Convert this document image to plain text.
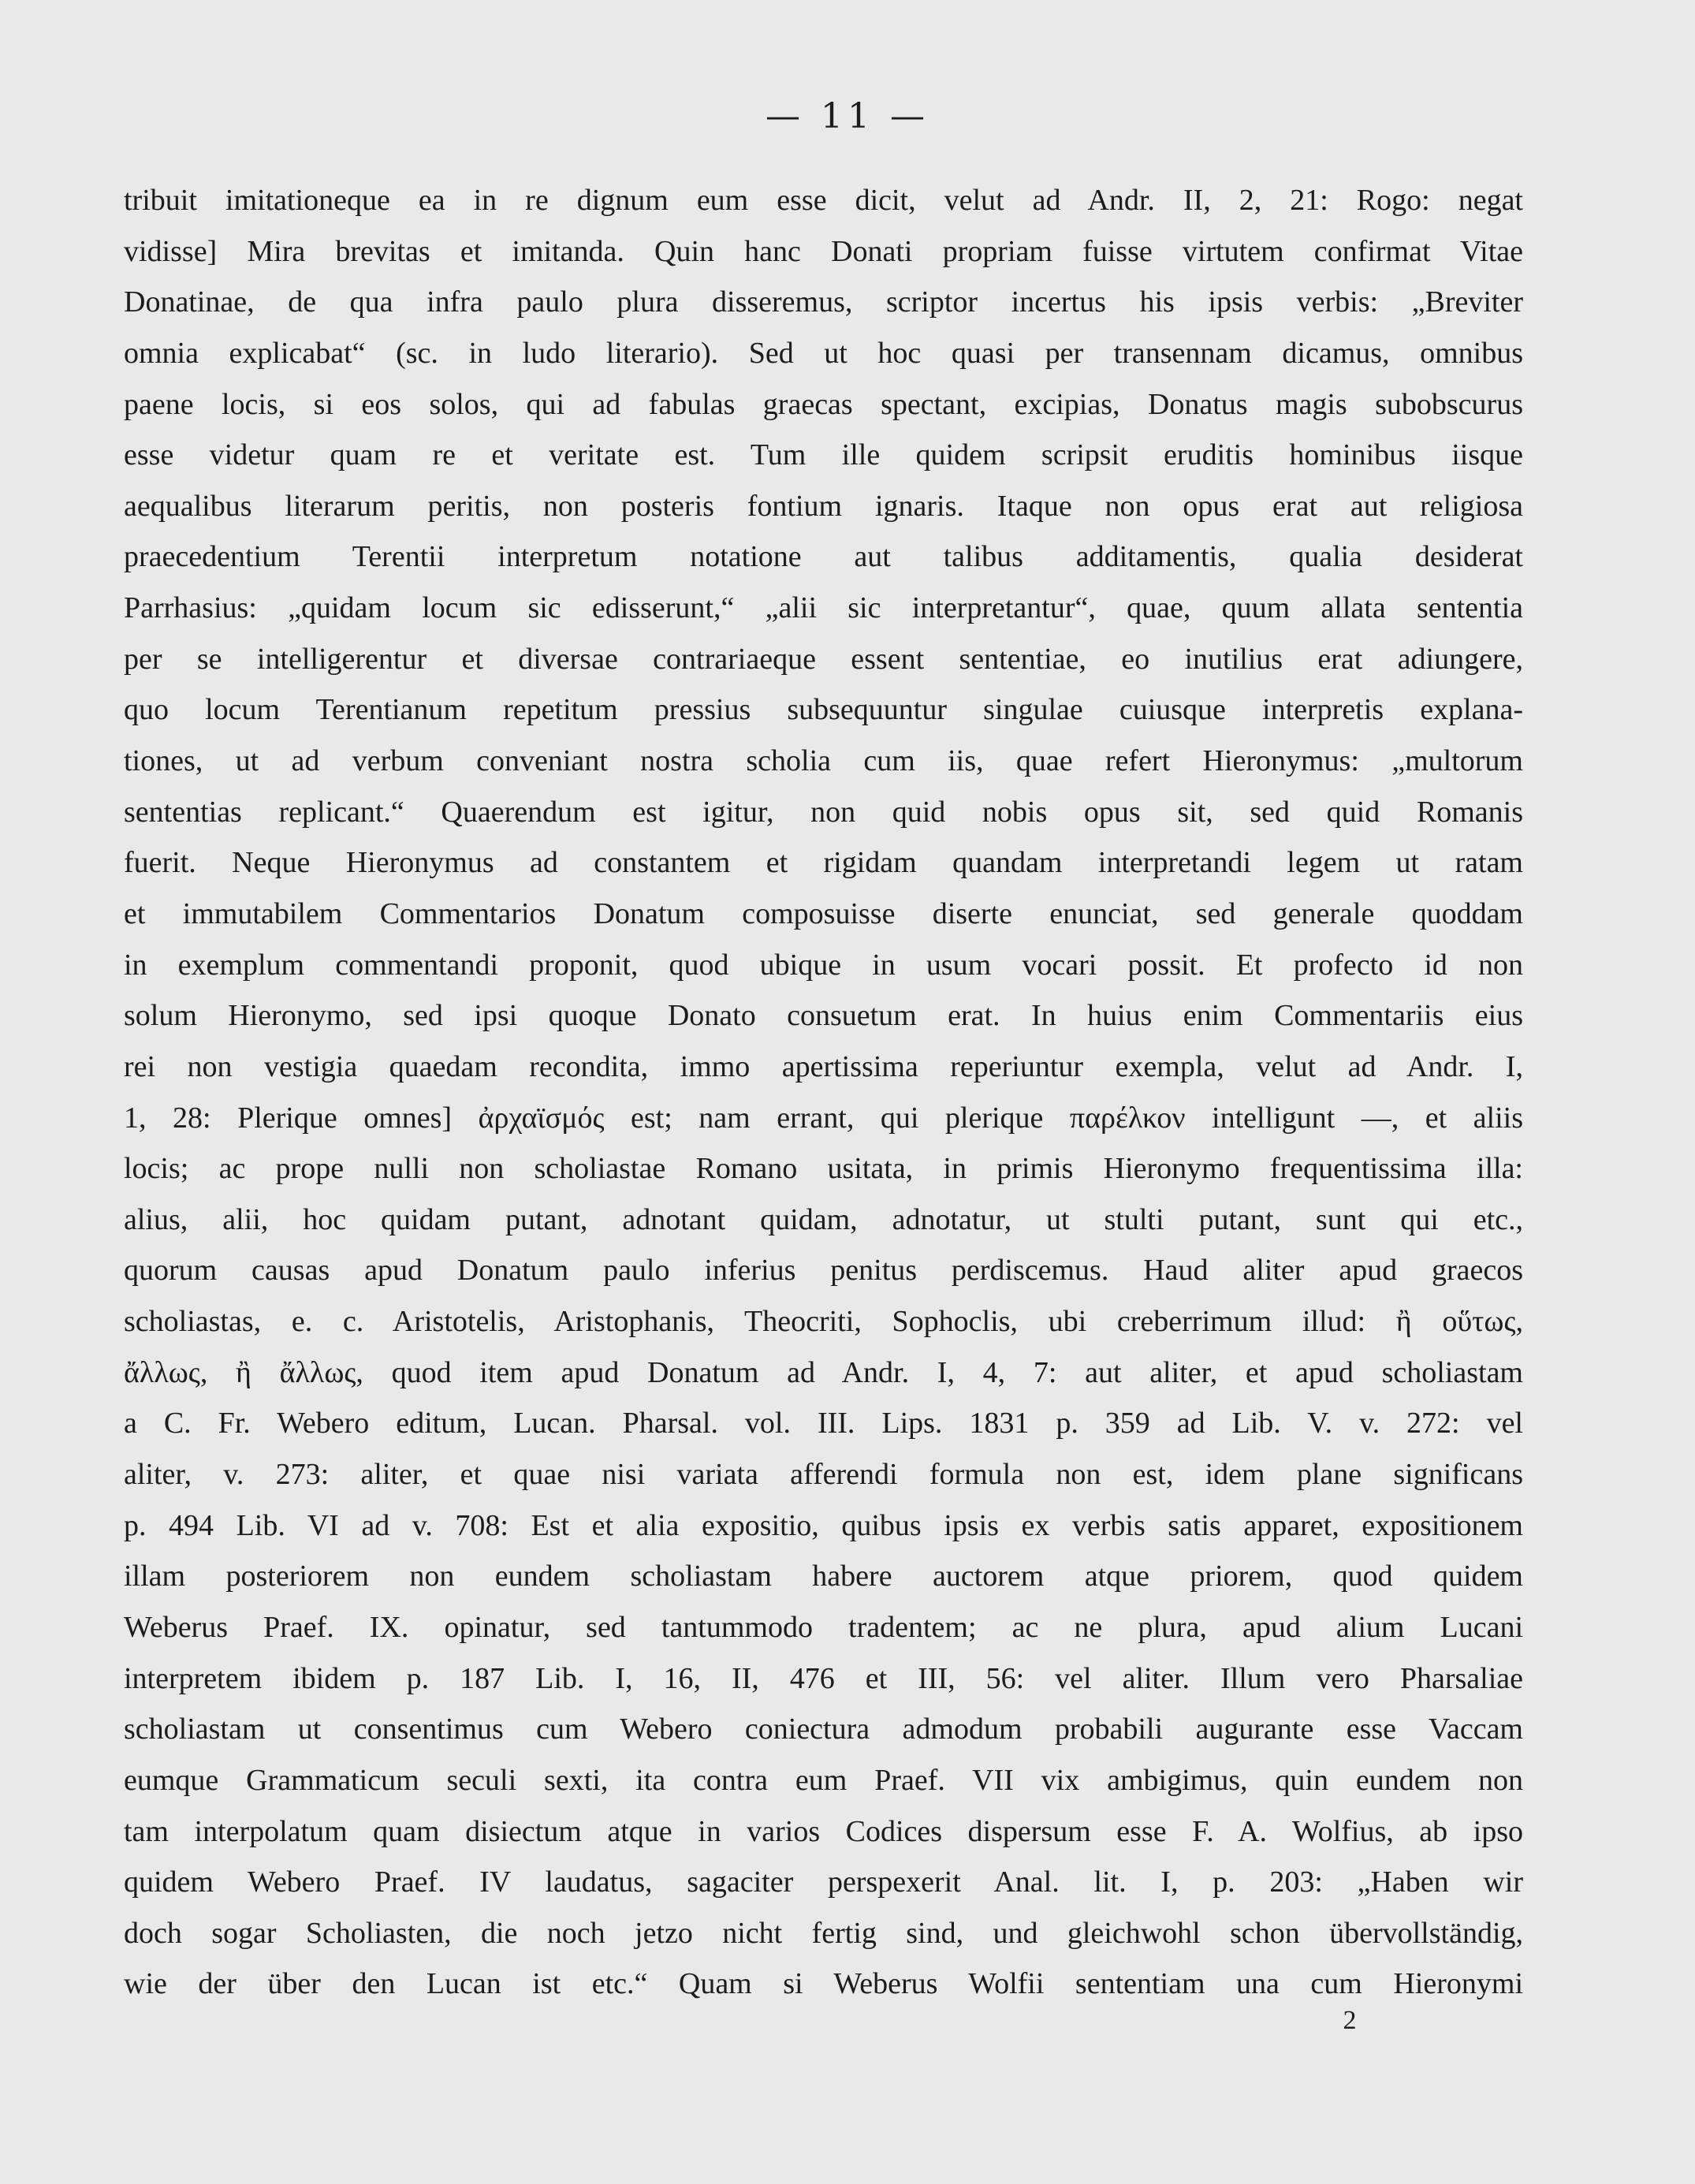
— 11 —
tribuit imitationeque ea in re dignum eum esse dicit, velut ad Andr. II, 2, 21: Rogo: negat
vidisse] Mira brevitas et imitanda. Quin hanc Donati propriam fuisse virtutem confirmat Vitae
Donatinae, de qua infra paulo plura disseremus, scriptor incertus his ipsis verbis: „Breviter
omnia explicabat“ (sc. in ludo literario). Sed ut hoc quasi per transennam dicamus, omnibus
paene locis, si eos solos, qui ad fabulas graecas spectant, excipias, Donatus magis subobscurus
esse videtur quam re et veritate est. Tum ille quidem scripsit eruditis hominibus iisque
aequalibus literarum peritis, non posteris fontium ignaris. Itaque non opus erat aut religiosa
praecedentium Terentii interpretum notatione aut talibus additamentis, qualia desiderat
Parrhasius: „quidam locum sic edisserunt,“ „alii sic interpretantur“, quae, quum allata sententia
per se intelligerentur et diversae contrariaeque essent sententiae, eo inutilius erat adiungere,
quo locum Terentianum repetitum pressius subsequuntur singulae cuiusque interpretis explana-
tiones, ut ad verbum conveniant nostra scholia cum iis, quae refert Hieronymus: „multorum
sententias replicant.“ Quaerendum est igitur, non quid nobis opus sit, sed quid Romanis
fuerit. Neque Hieronymus ad constantem et rigidam quandam interpretandi legem ut ratam
et immutabilem Commentarios Donatum composuisse diserte enunciat, sed generale quoddam
in exemplum commentandi proponit, quod ubique in usum vocari possit. Et profecto id non
solum Hieronymo, sed ipsi quoque Donato consuetum erat. In huius enim Commentariis eius
rei non vestigia quaedam recondita, immo apertissima reperiuntur exempla, velut ad Andr. I,
1, 28: Plerique omnes] ἀρχαϊσμός est; nam errant, qui plerique παρέλκον intelligunt —, et aliis
locis; ac prope nulli non scholiastae Romano usitata, in primis Hieronymo frequentissima illa:
alius, alii, hoc quidam putant, adnotant quidam, adnotatur, ut stulti putant, sunt qui etc.,
quorum causas apud Donatum paulo inferius penitus perdiscemus. Haud aliter apud graecos
scholiastas, e. c. Aristotelis, Aristophanis, Theocriti, Sophoclis, ubi creberrimum illud: ἢ οὕτως,
ἄλλως, ἢ ἄλλως, quod item apud Donatum ad Andr. I, 4, 7: aut aliter, et apud scholiastam
a C. Fr. Webero editum, Lucan. Pharsal. vol. III. Lips. 1831 p. 359 ad Lib. V. v. 272: vel
aliter, v. 273: aliter, et quae nisi variata afferendi formula non est, idem plane significans
p. 494 Lib. VI ad v. 708: Est et alia expositio, quibus ipsis ex verbis satis apparet, expositionem
illam posteriorem non eundem scholiastam habere auctorem atque priorem, quod quidem
Weberus Praef. IX. opinatur, sed tantummodo tradentem; ac ne plura, apud alium Lucani
interpretem ibidem p. 187 Lib. I, 16, II, 476 et III, 56: vel aliter. Illum vero Pharsaliae
scholiastam ut consentimus cum Webero coniectura admodum probabili augurante esse Vaccam
eumque Grammaticum seculi sexti, ita contra eum Praef. VII vix ambigimus, quin eundem non
tam interpolatum quam disiectum atque in varios Codices dispersum esse F. A. Wolfius, ab ipso
quidem Webero Praef. IV laudatus, sagaciter perspexerit Anal. lit. I, p. 203: „Haben wir
doch sogar Scholiasten, die noch jetzo nicht fertig sind, und gleichwohl schon übervollständig,
wie der über den Lucan ist etc.“ Quam si Weberus Wolfii sententiam una cum Hieronymi
2
